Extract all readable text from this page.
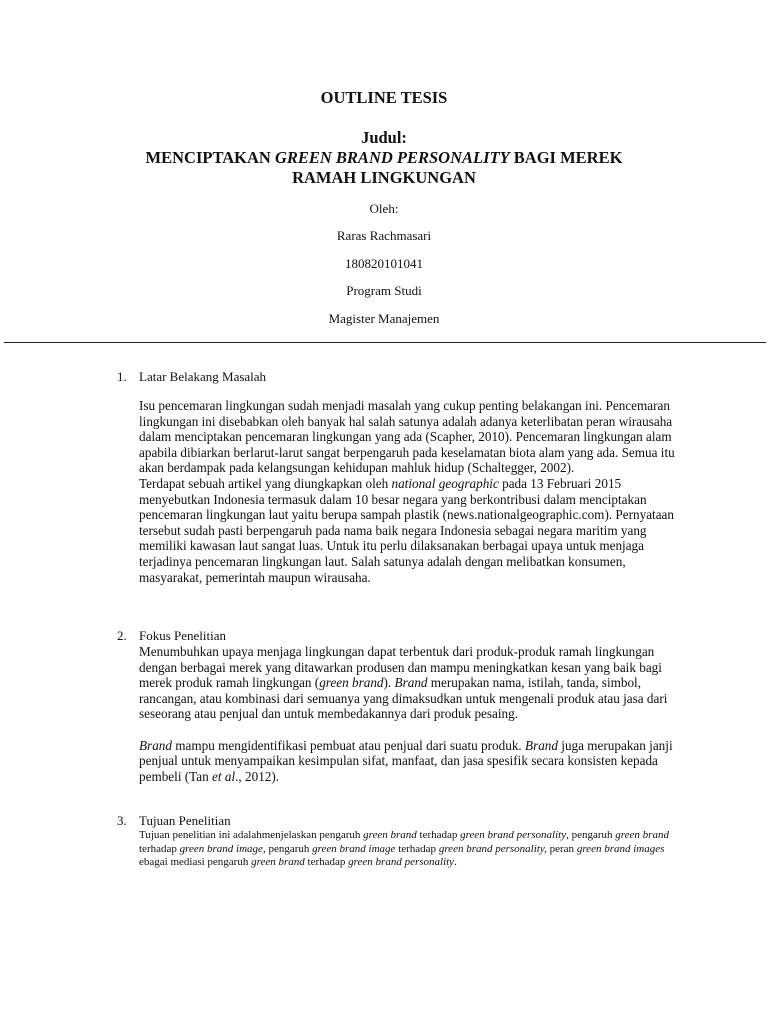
OUTLINE TESIS
Judul:
MENCIPTAKAN GREEN BRAND PERSONALITY BAGI MEREK
RAMAH LINGKUNGAN
Oleh:
Raras Rachmasari
180820101041
Program Studi
Magister Manajemen
1. Latar Belakang Masalah

Isu pencemaran lingkungan sudah menjadi masalah yang cukup penting belakangan ini. Pencemaran lingkungan ini disebabkan oleh banyak hal salah satunya adalah adanya keterlibatan peran wirausaha dalam menciptakan pencemaran lingkungan yang ada (Scapher, 2010). Pencemaran lingkungan alam apabila dibiarkan berlarut-larut sangat berpengaruh pada keselamatan biota alam yang ada. Semua itu akan berdampak pada kelangsungan kehidupan mahluk hidup (Schaltegger, 2002).

Terdapat sebuah artikel yang diungkapkan oleh national geographic pada 13 Februari 2015 menyebutkan Indonesia termasuk dalam 10 besar negara yang berkontribusi dalam menciptakan pencemaran lingkungan laut yaitu berupa sampah plastik (news.nationalgeographic.com). Pernyataan tersebut sudah pasti berpengaruh pada nama baik negara Indonesia sebagai negara maritim yang memiliki kawasan laut sangat luas. Untuk itu perlu dilaksanakan berbagai upaya untuk menjaga terjadinya pencemaran lingkungan laut. Salah satunya adalah dengan melibatkan konsumen, masyarakat, pemerintah maupun wirausaha.

2. Fokus Penelitian

Menumbuhkan upaya menjaga lingkungan dapat terbentuk dari produk-produk ramah lingkungan dengan berbagai merek yang ditawarkan produsen dan mampu meningkatkan kesan yang baik bagi merek produk ramah lingkungan (green brand). Brand merupakan nama, istilah, tanda, simbol, rancangan, atau kombinasi dari semuanya yang dimaksudkan untuk mengenali produk atau jasa dari seseorang atau penjual dan untuk membedakannya dari produk pesaing.

Brand mampu mengidentifikasi pembuat atau penjual dari suatu produk. Brand juga merupakan janji penjual untuk menyampaikan kesimpulan sifat, manfaat, dan jasa spesifik secara konsisten kepada pembeli (Tan et al., 2012).

3. Tujuan Penelitian

Tujuan penelitian ini adalahmenjelaskan pengaruh green brand terhadap green brand personality, pengaruh green brand terhadap green brand image, pengaruh green brand image terhadap green brand personality, peran green brand images ebagai mediasi pengaruh green brand terhadap green brand personality.
